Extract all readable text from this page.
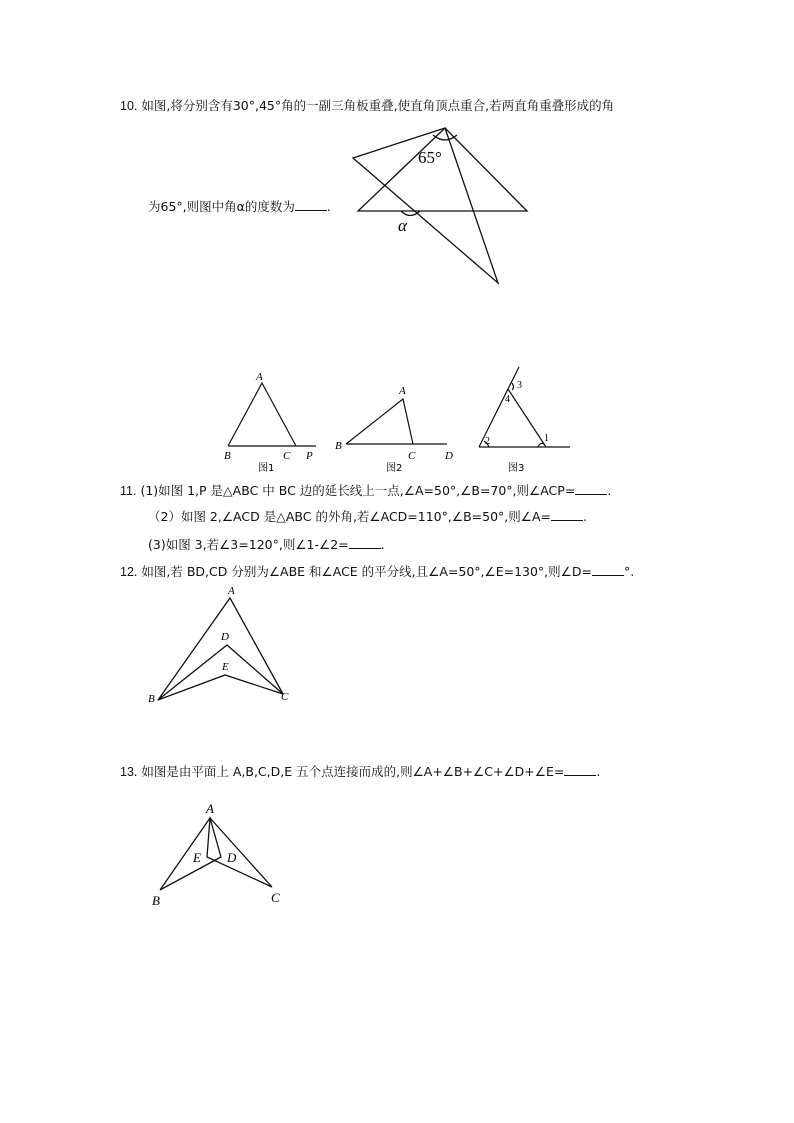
10. 如图,将分别含有30°,45°角的一副三角板重叠,使直角顶点重合,若两直角重叠形成的角
为65°,则图中角α的度数为	.
65°
α
A
B	C P
图1
A
B
C	D
图2
3
4
2	1
图3
A
D
E
B	C
A
E D
B	C
11. (1)如图 1,P 是△ABC 中 BC 边的延长线上一点,∠A=50°,∠B=70°,则∠ACP=	.
（2）如图 2,∠ACD 是△ABC 的外角,若∠ACD=110°,∠B=50°,则∠A=	.
(3)如图 3,若∠3=120°,则∠1-∠2=	.
12. 如图,若 BD,CD 分别为∠ABE 和∠ACE 的平分线,且∠A=50°,∠E=130°,则∠D=	°.
13. 如图是由平面上 A,B,C,D,E 五个点连接而成的,则∠A+∠B+∠C+∠D+∠E=	.
